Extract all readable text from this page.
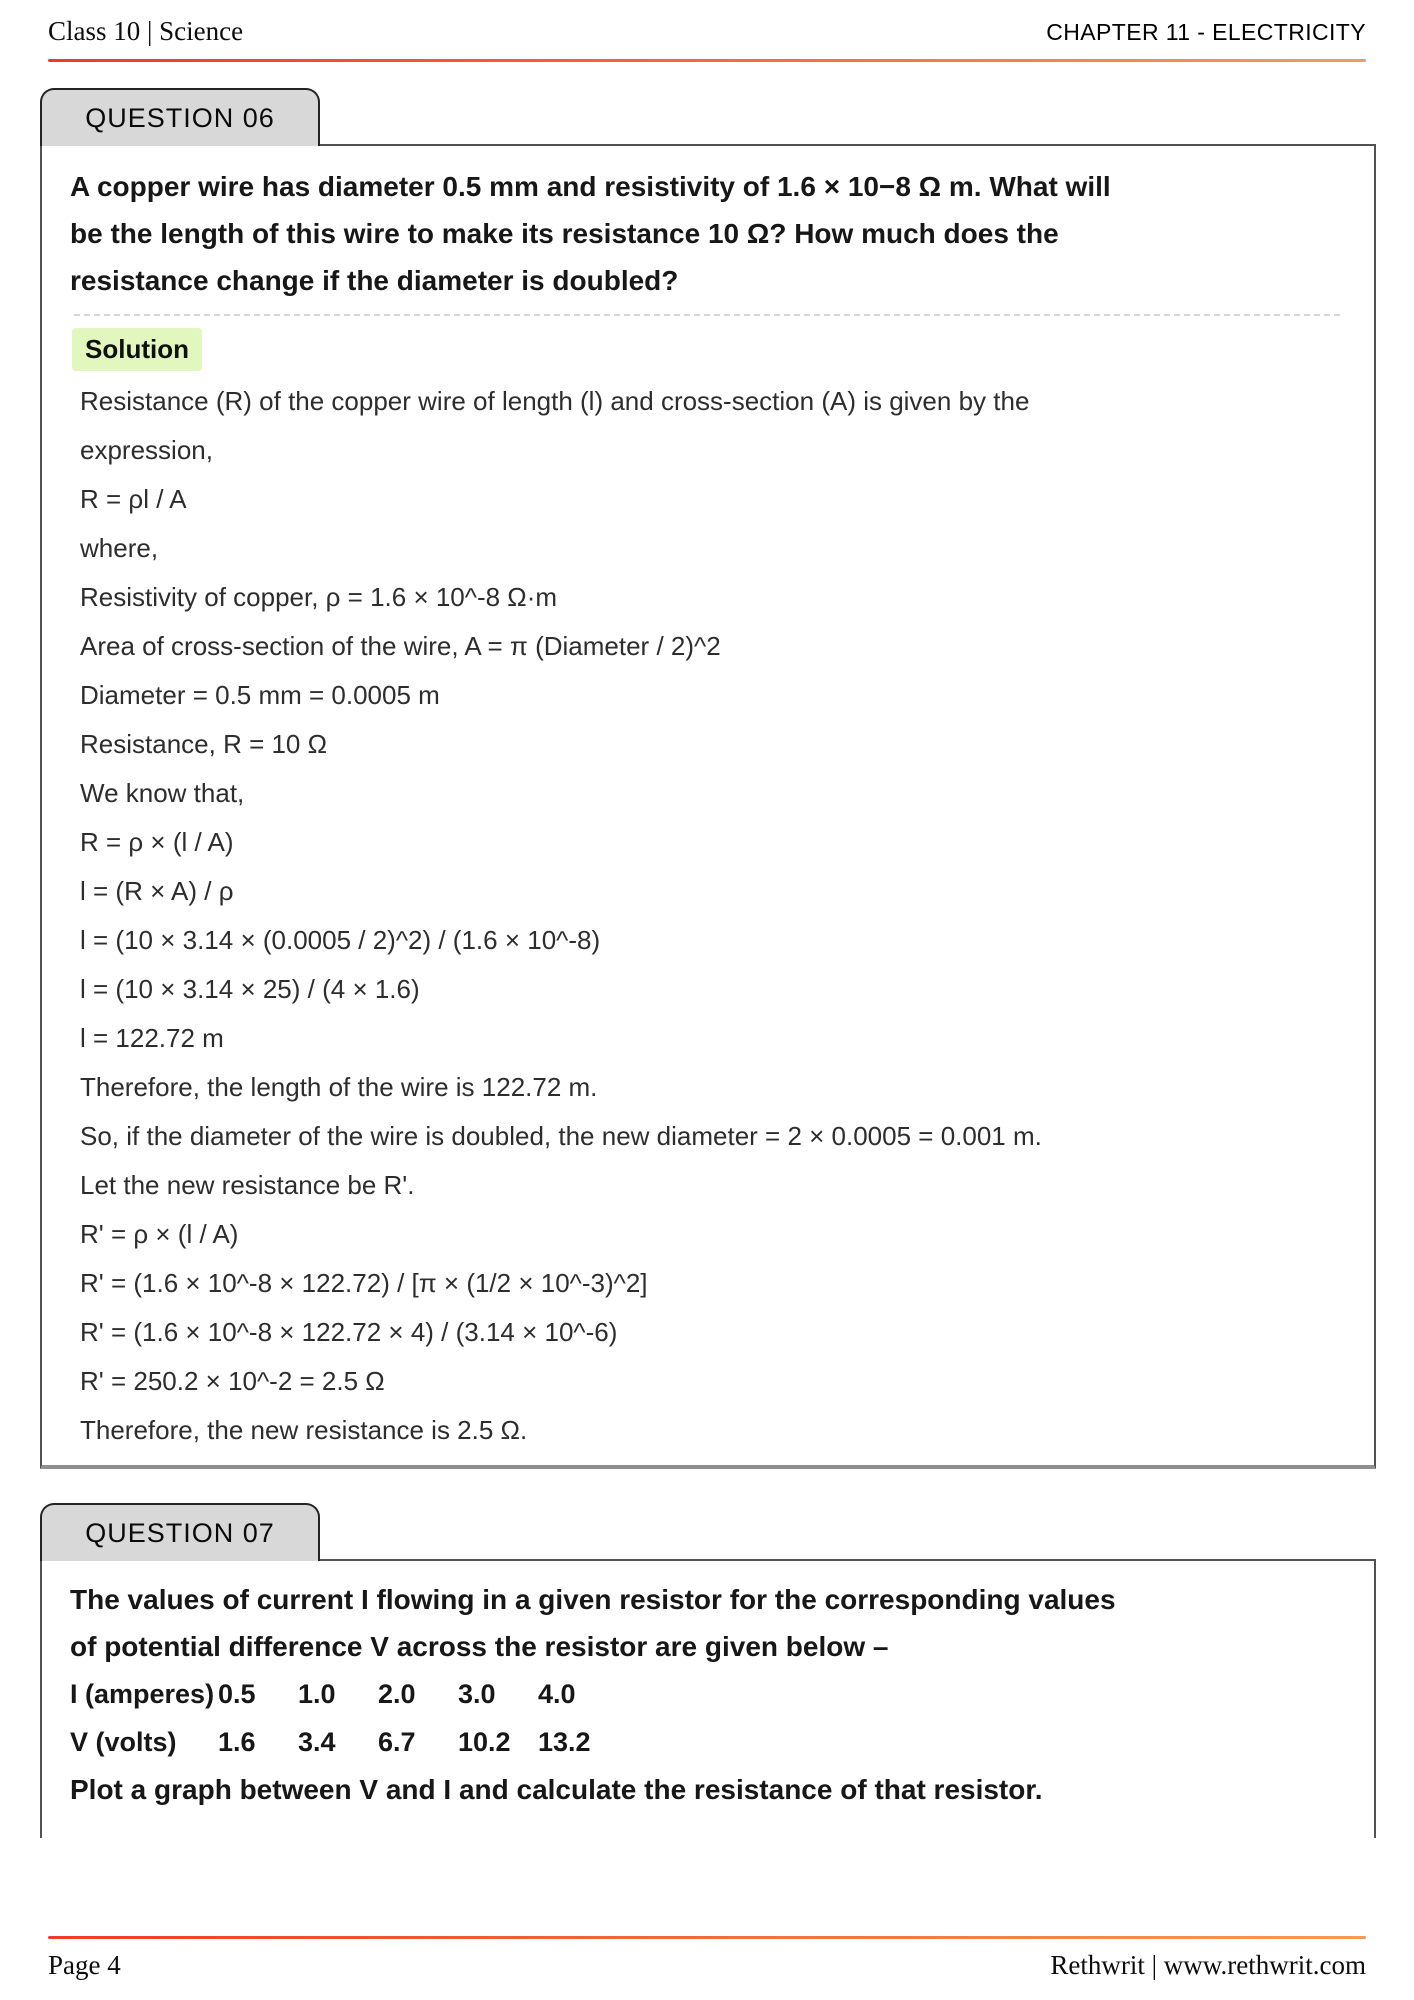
Class 10 | Science	CHAPTER 11 - ELECTRICITY
QUESTION 06
A copper wire has diameter 0.5 mm and resistivity of 1.6 × 10−8 Ω m. What will
be the length of this wire to make its resistance 10 Ω? How much does the
resistance change if the diameter is doubled?
Solution
Resistance (R) of the copper wire of length (l) and cross-section (A) is given by the
expression,
R = ρl / A
where,
Resistivity of copper, ρ = 1.6 × 10^-8 Ω·m
Area of cross-section of the wire, A = π (Diameter / 2)^2
Diameter = 0.5 mm = 0.0005 m
Resistance, R = 10 Ω
We know that,
R = ρ × (l / A)
l = (R × A) / ρ
l = (10 × 3.14 × (0.0005 / 2)^2) / (1.6 × 10^-8)
l = (10 × 3.14 × 25) / (4 × 1.6)
l = 122.72 m
Therefore, the length of the wire is 122.72 m.
So, if the diameter of the wire is doubled, the new diameter = 2 × 0.0005 = 0.001 m.
Let the new resistance be R'.
R' = ρ × (l / A)
R' = (1.6 × 10^-8 × 122.72) / [π × (1/2 × 10^-3)^2]
R' = (1.6 × 10^-8 × 122.72 × 4) / (3.14 × 10^-6)
R' = 250.2 × 10^-2 = 2.5 Ω
Therefore, the new resistance is 2.5 Ω.
QUESTION 07
The values of current I flowing in a given resistor for the corresponding values
of potential difference V across the resistor are given below –
I (amperes) 0.5 1.0 2.0 3.0 4.0
V (volts) 1.6 3.4 6.7 10.2 13.2
Plot a graph between V and I and calculate the resistance of that resistor.
Page 4	Rethwrit | www.rethwrit.com
